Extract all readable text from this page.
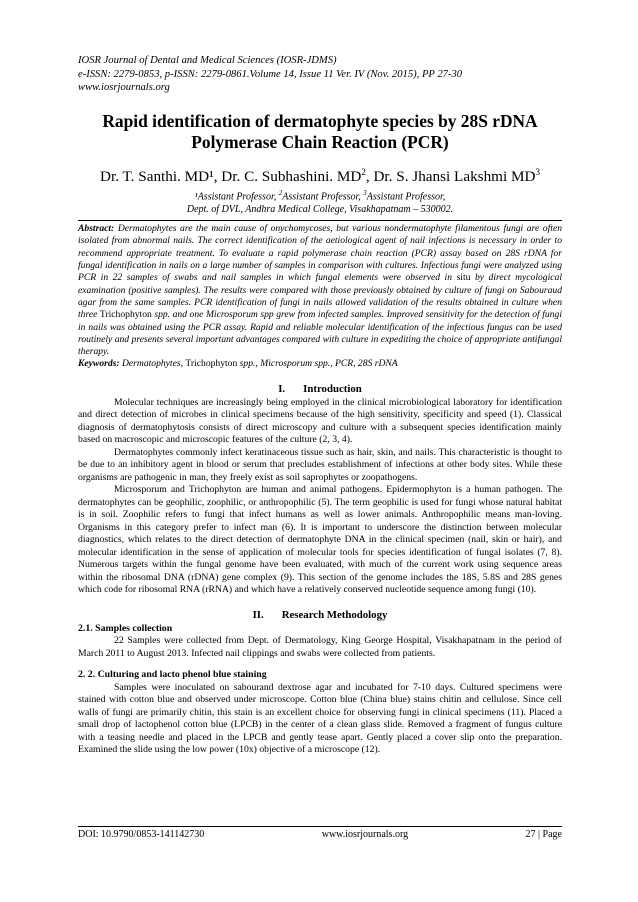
IOSR Journal of Dental and Medical Sciences (IOSR-JDMS)
e-ISSN: 2279-0853, p-ISSN: 2279-0861.Volume 14, Issue 11 Ver. IV (Nov. 2015), PP 27-30
www.iosrjournals.org
Rapid identification of dermatophyte species by 28S rDNA
Polymerase Chain Reaction (PCR)
Dr. T. Santhi. MD¹, Dr. C. Subhashini. $MD^2$, Dr. S. Jhansi Lakshmi $MD^3$
¹Assistant Professor, $^2$Assistant Professor, $^3$Assistant Professor,
Dept. of DVL, Andhra Medical College, Visakhapatnam – 530002.
Abstract: Dermatophytes are the main cause of onychomycoses, but various nondermatophyte filamentous fungi are often isolated from abnormal nails. The correct identification of the aetiological agent of nail infections is necessary in order to recommend appropriate treatment. To evaluate a rapid polymerase chain reaction (PCR) assay based on 28S rDNA for fungal identification in nails on a large number of samples in comparison with cultures. Infectious fungi were analyzed using PCR in 22 samples of swabs and nail samples in which fungal elements were observed in situ by direct mycological examination (positive samples). The results were compared with those previously obtained by culture of fungi on Sabouraud agar from the same samples. PCR identification of fungi in nails allowed validation of the results obtained in culture when three Trichophyton spp. and one Microsporum spp grew from infected samples. Improved sensitivity for the detection of fungi in nails was obtained using the PCR assay. Rapid and reliable molecular identification of the infectious fungus can be used routinely and presents several important advantages compared with culture in expediting the choice of appropriate antifungal therapy.
Keywords: Dermatophytes, Trichophyton spp., Microsporum spp., PCR, 28S rDNA
I. Introduction

Molecular techniques are increasingly being employed in the clinical microbiological laboratory for identification and direct detection of microbes in clinical specimens because of the high sensitivity, specificity and speed (1). Classical diagnosis of dermatophytosis consists of direct microscopy and culture with a subsequent species identification mainly based on macroscopic and microscopic features of the culture (2, 3, 4).

Dermatophytes commonly infect keratinaceous tissue such as hair, skin, and nails. This characteristic is thought to be due to an inhibitory agent in blood or serum that precludes establishment of infections at other body sites. While these organisms are pathogenic in man, they freely exist as soil saprophytes or zoopathogens.

Microsporum and Trichophyton are human and animal pathogens. Epidermophyton is a human pathogen. The dermatophytes can be geophilic, zoophilic, or anthropophilic (5). The term geophilic is used for fungi whose natural habitat is in soil. Zoophilic refers to fungi that infect humans as well as lower animals. Anthropophilic means man-loving. Organisms in this category prefer to infect man (6). It is important to underscore the distinction between molecular diagnostics, which relates to the direct detection of dermatophyte DNA in the clinical specimen (nail, skin or hair), and molecular identification in the sense of application of molecular tools for species identification of fungal isolates (7, 8). Numerous targets within the fungal genome have been evaluated, with much of the current work using sequence areas within the ribosomal DNA (rDNA) gene complex (9). This section of the genome includes the 18S, 5.8S and 28S genes which code for ribosomal RNA (rRNA) and which have a relatively conserved nucleotide sequence among fungi (10).

II. Research Methodology
2.1. Samples collection

22 Samples were collected from Dept. of Dermatology, King George Hospital, Visakhapatnam in the period of March 2011 to August 2013. Infected nail clippings and swabs were collected from patients.

2. 2. Culturing and lacto phenol blue staining

Samples were inoculated on sabourand dextrose agar and incubated for 7-10 days. Cultured specimens were stained with cotton blue and observed under microscope. Cotton blue (China blue) stains chitin and cellulose. Since cell walls of fungi are primarily chitin, this stain is an excellent choice for observing fungi in clinical specimens (11). Placed a small drop of lactophenol cotton blue (LPCB) in the center of a clean glass slide. Removed a fragment of fungus culture with a teasing needle and placed in the LPCB and gently tease apart. Gently placed a cover slip onto the preparation. Examined the slide using the low power (10x) objective of a microscope (12).

DOI: 10.9790/0853-141142730	www.iosrjournals.org	27 | Page
